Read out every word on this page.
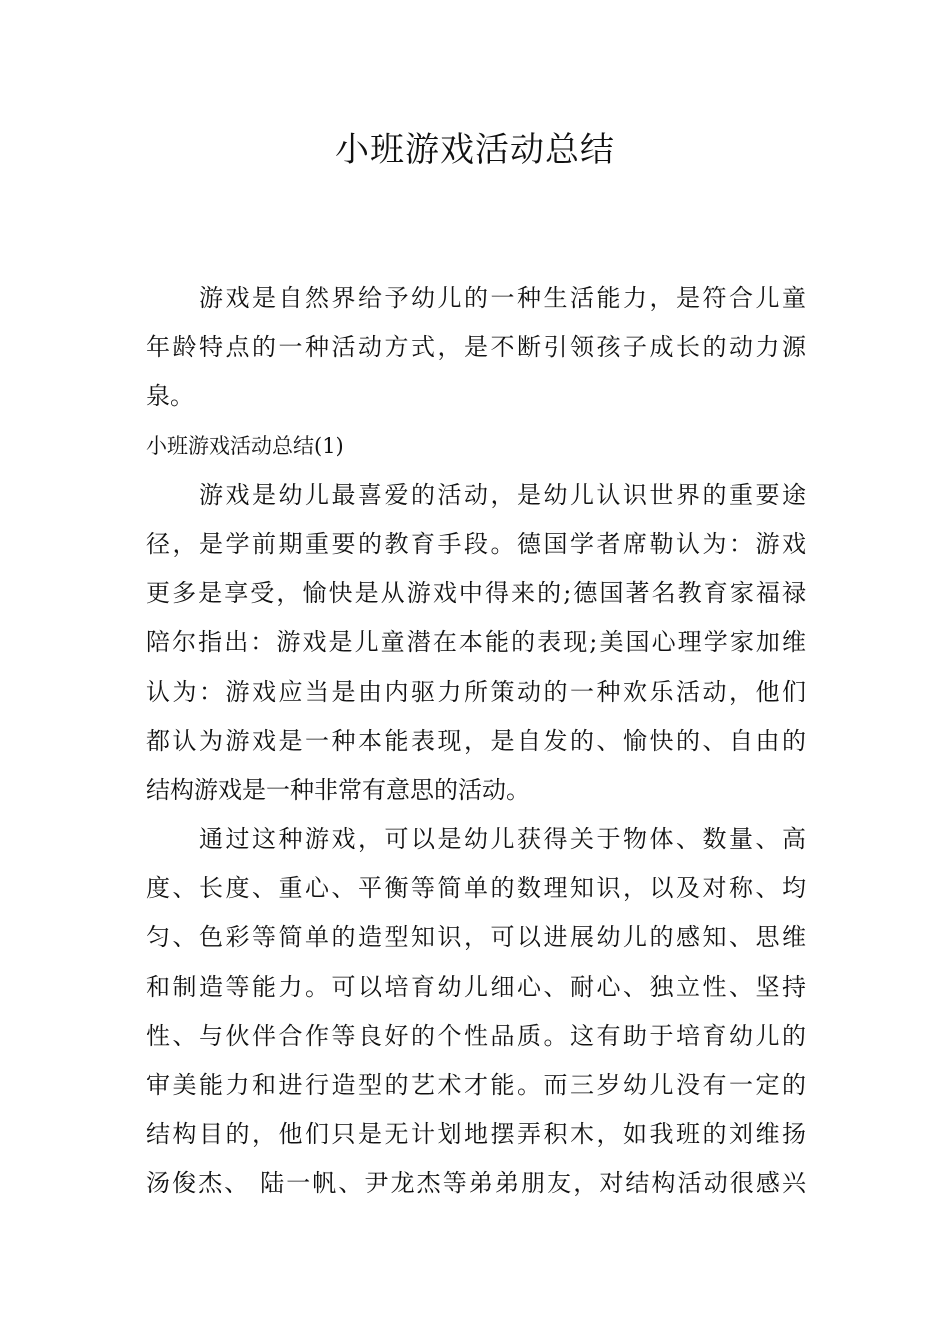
小班游戏活动总结
游戏是自然界给予幼儿的一种生活能力，是符合儿童
年龄特点的一种活动方式，是不断引领孩子成长的动力源
泉。
小班游戏活动总结(1)
游戏是幼儿最喜爱的活动，是幼儿认识世界的重要途
径，是学前期重要的教育手段。德国学者席勒认为：游戏
更多是享受，愉快是从游戏中得来的;德国著名教育家福禄
陪尔指出：游戏是儿童潜在本能的表现;美国心理学家加维
认为：游戏应当是由内驱力所策动的一种欢乐活动，他们
都认为游戏是一种本能表现，是自发的、愉快的、自由的
结构游戏是一种非常有意思的活动。
通过这种游戏，可以是幼儿获得关于物体、数量、高
度、长度、重心、平衡等简单的数理知识，以及对称、均
匀、色彩等简单的造型知识，可以进展幼儿的感知、思维
和制造等能力。可以培育幼儿细心、耐心、独立性、坚持
性、与伙伴合作等良好的个性品质。这有助于培育幼儿的
审美能力和进行造型的艺术才能。而三岁幼儿没有一定的
结构目的，他们只是无计划地摆弄积木，如我班的刘维扬
汤俊杰、 陆一帆、尹龙杰等弟弟朋友，对结构活动很感兴
